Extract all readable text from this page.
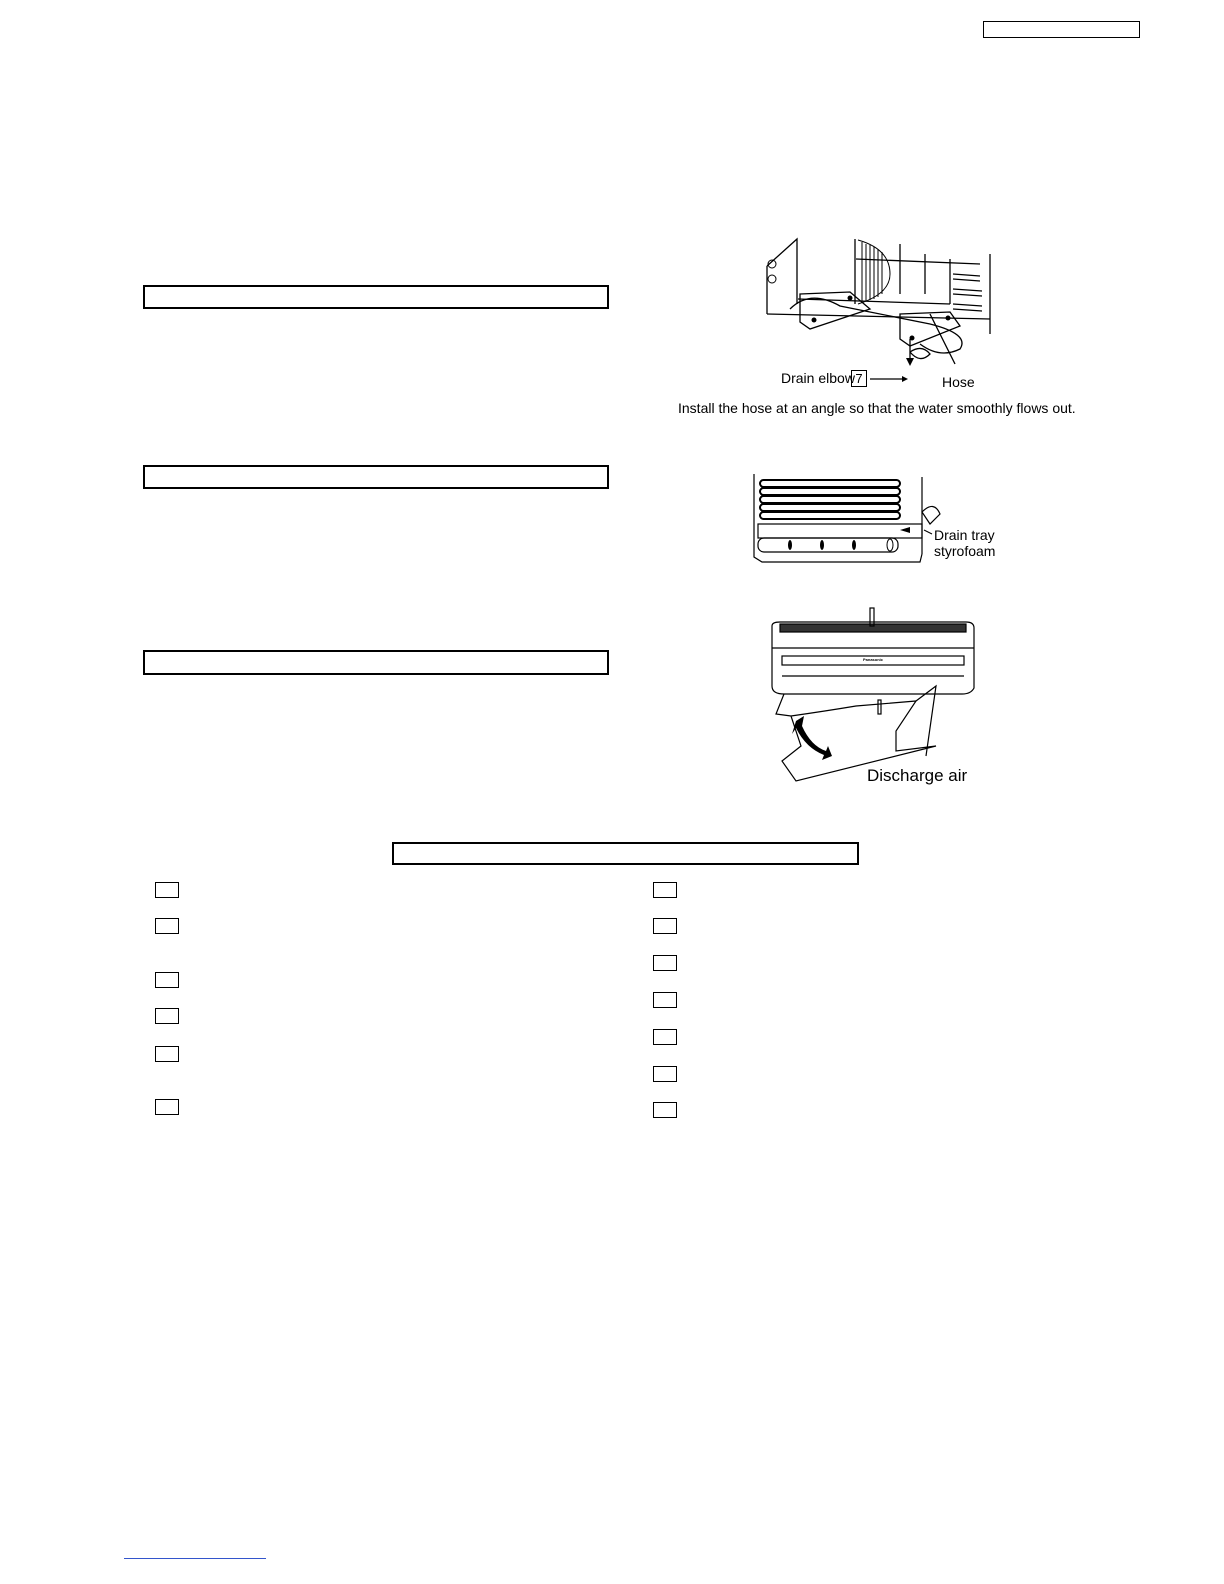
Drain elbow 7	Hose
Install the hose at an angle so that the water smoothly flows out.
Drain tray
styrofoam
Panasonic
Discharge air
